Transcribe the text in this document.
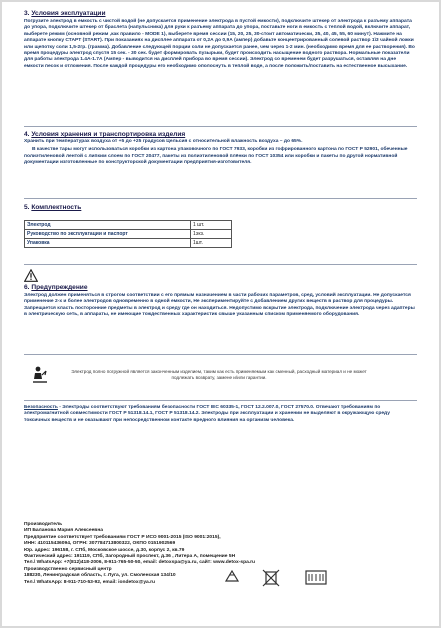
3. Условия эксплуатации

Погрузите электрод в емкость с чистой водой (не допускается применение электрода в пустой емкости), подключите штекер от электрода к разъему аппарата до упора, подключите штекер от браслета (напульсника) для руки к разъему аппарата до упора, поставьте ноги в емкость с теплой водой, включите аппарат, выберете режим (основной режим ,как правило - MODE 1), выберете время сессии (15, 20, 25, 30-стоит автоматически, 35, 40, 45, 55, 60 минут). Нажмите на аппарате кнопку СТАРТ (START). При показаниях на дисплее аппарата от 0,2А до 0,9А (ампер) добавьте концентрированный солевой раствор 1\3 чайной ложки или щепотку соли 1,5-2гр. (грамма). Добавление следующей порции соли не допускается ранее, чем через 1-2 мин. (необходимо время для ее растворения). Во время процедуры электрод спустя 15 сек. - 30 сек. будет формировать пузырьки, будет происходить насыщение водного раствора. Нормальные показатели для работы электрода 1.4А-1.7А (Ампер - выводится на дисплей прибора во время сессии). Электрод со временем будет разрушаться, оставляя на дне емкости песок и отложения. После каждой процедуры его необходимо ополоснуть в теплой воде, а после положить/поставить на естественное высыхание.

4. Условия хранения и транспортировка изделия

Хранить при температурах воздуха от +5 до +25 градусов Цельсия с относительной влажность воздуха – до 65%.

В качестве тары могут использоваться коробки из картона упаковочного по ГОСТ 7933, коробки из гофрированного картона по ГОСТ Р 52901, обеченные полиэтиленовой лентой с липким слоем по ГОСТ 20477, пакеты из полиэтиленовой плёнки по ГОСТ 10354 или коробки и пакеты по другой нормативной документации изготовленные по конструкторской документации предприятия-изготовителя.

5. Комплектность

Электрод	1 шт.
Руководство по эксплуатации и паспорт	1экз.
Упаковка	1шт.

6. Предупреждение

Электрод должен применяться в строгом соответствии с его прямым назначением в части рабочих параметров, сред, условий эксплуатации. Не допускается применение 2-х и более электродов одновременно в одной емкости, Не экспериментируйте с добавлением других веществ в раствор для процедуры. Запрещается класть посторонние предметы в электрод и среду где он находиться. Недопустимо вскрытие электрода, подключение электрода через адаптеры в электрическую сеть, в аппараты, не имеющие тождественных характеристик свыше указанным списком применяемого оборудования.

Электрод полно погружной является законченным изделием, таким как есть применяемым как сменный, расходный материал и не может подлежать возврату, замене и/или гарантии.

Безопасность - Электроды соответствуют требованиям безопасности ГОСТ IEC 60335-1, ГОСТ 12.2.007.0, ГОСТ 27570.0. Отвечают требованиям по электромагнитной совместимости ГОСТ Р 51318.14.1, ГОСТ Р 51318.14.2. Электроды при эксплуатации и хранении не выделяют в окружающую среду токсичных веществ и не оказывают при непосредственном контакте вредного влияния на организм человека.

Производитель

ИП Баланова Мария Алексеевна

Предприятие соответствует требованиям ГОСТ Р ИСО 9001-2015 (ISO 9001:2015),

ИНН: 410115436094, ОГРН: 307784713800322, ОКПО 0151902569

Юр. адрес: 196158, г. СПб, Московское шоссе, д.30, корпус 2, кв.79

Фактический адрес: 191119, СПб, Загородный проспект, д.36 , Литера А, помещение 5Н

Тел.\ WhatsApp: +7(812)418-2006, 8-911-765-50-50, email: detoxspa@ya.ru, сайт: www.detox-spa.ru

Производственно сервисный центр

188230, Ленинградская область, г. Луга, ул. Смоленская 134/10

Тел.\ WhatsApp: 8-911-710-53-92, email: iondetox@ya.ru
